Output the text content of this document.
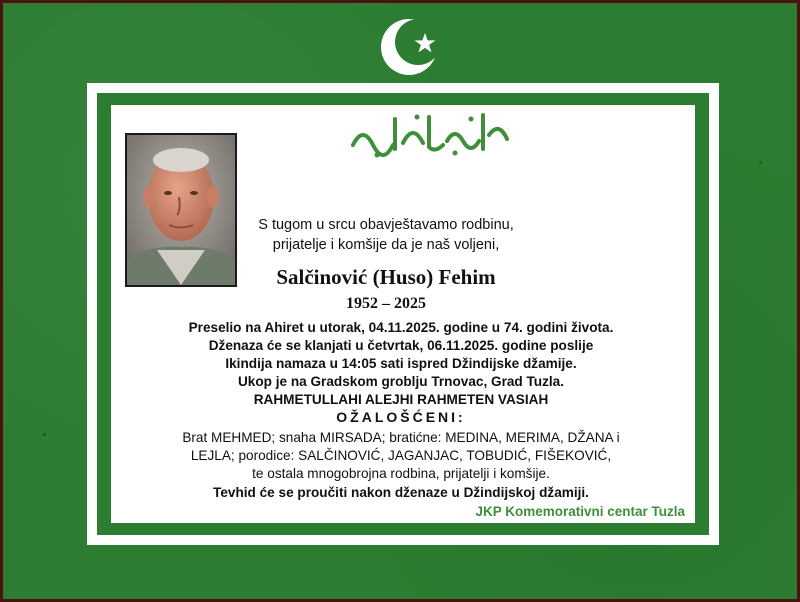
S tugom u srcu obavještavamo rodbinu,
prijatelje i komšije da je naš voljeni,
Salčinović (Huso) Fehim
1952 – 2025
Preselio na Ahiret u utorak, 04.11.2025. godine u 74. godini života.
Dženaza će se klanjati u četvrtak, 06.11.2025. godine poslije
Ikindija namaza u 14:05 sati ispred Džindijske džamije.
Ukop je na Gradskom groblju Trnovac, Grad Tuzla.
RAHMETULLAHI ALEJHI RAHMETEN VASIAH
OŽALOŠĆENI:
Brat MEHMED; snaha MIRSADA; bratićne: MEDINA, MERIMA, DŽANA i
LEJLA; porodice: SALČINOVIĆ, JAGANJAC, TOBUDIĆ, FIŠEKOVIĆ,
te ostala mnogobrojna rodbina, prijatelji i komšije.
Tevhid će se proučiti nakon dženaze u Džindijskoj džamiji.
JKP Komemorativni centar Tuzla
